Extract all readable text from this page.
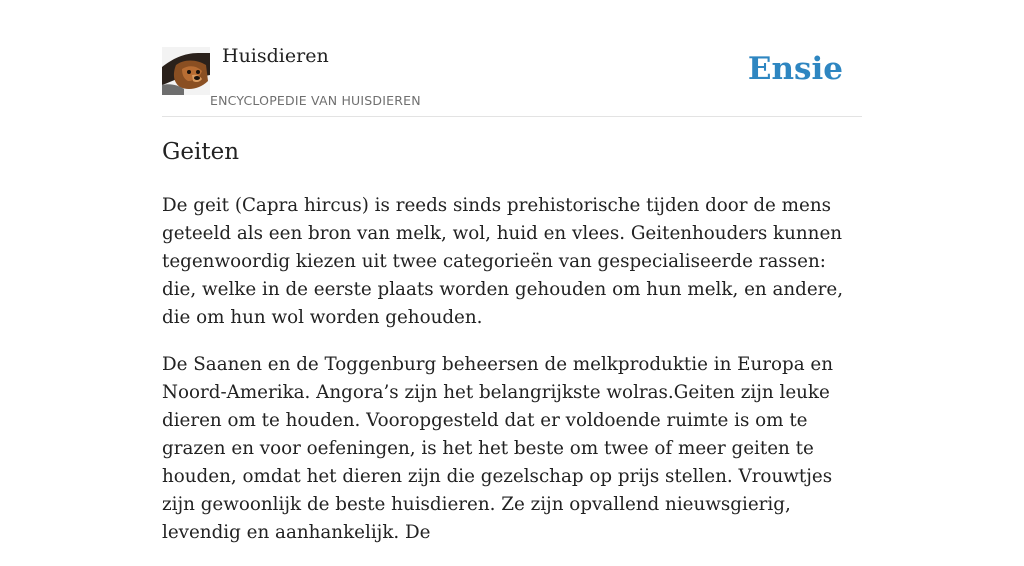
Huisdieren
ENCYCLOPEDIE VAN HUISDIEREN
Ensie
Geiten

De geit (Capra hircus) is reeds sinds prehistorische tijden door de mens geteeld als een bron van melk, wol, huid en vlees. Geitenhouders kunnen tegenwoordig kiezen uit twee categorieën van gespecialiseerde rassen: die, welke in de eerste plaats worden gehouden om hun melk, en andere, die om hun wol worden gehouden.

De Saanen en de Toggenburg beheersen de melkproduktie in Europa en Noord-Amerika. Angora’s zijn het belangrijkste wolras.Geiten zijn leuke dieren om te houden. Vooropgesteld dat er voldoende ruimte is om te grazen en voor oefeningen, is het het beste om twee of meer geiten te houden, omdat het dieren zijn die gezelschap op prijs stellen. Vrouwtjes zijn gewoonlijk de beste huisdieren. Ze zijn opvallend nieuwsgierig, levendig en aanhankelijk. De
